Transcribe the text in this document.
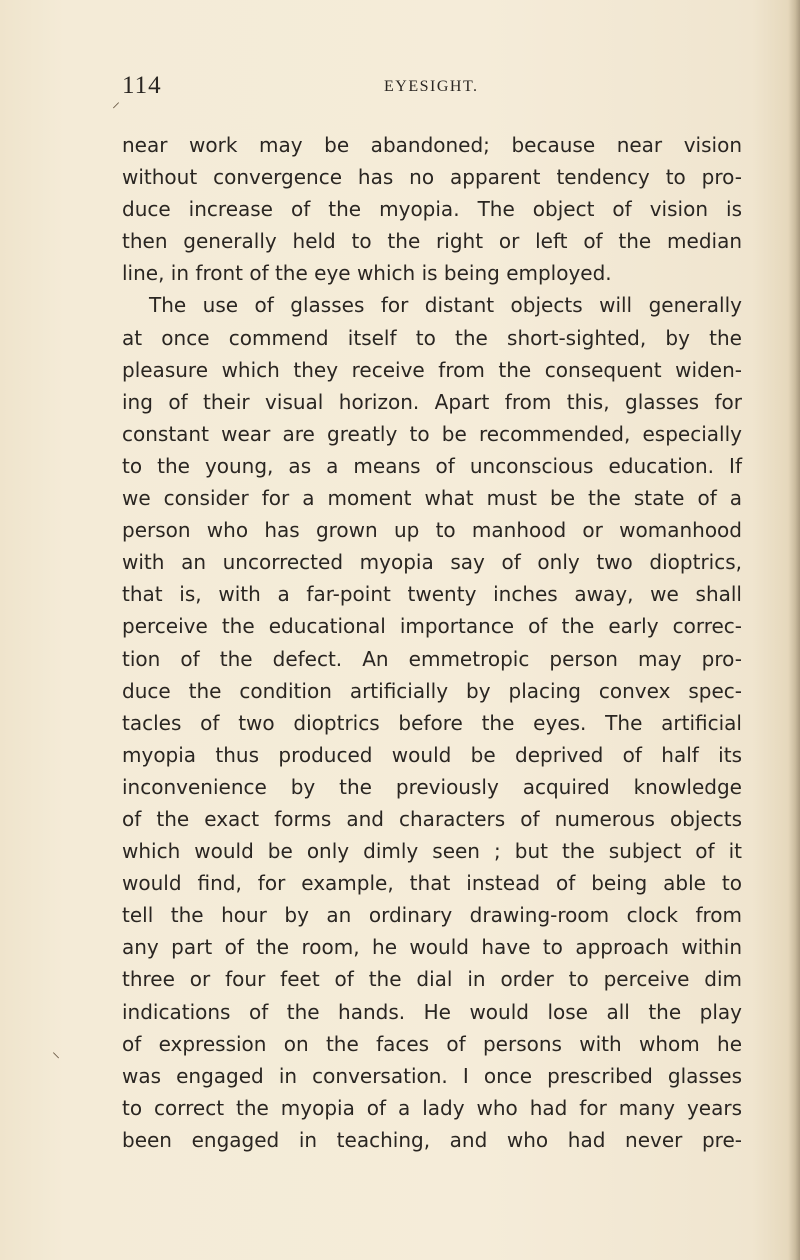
⸝
⸜
114	EYESIGHT.
near work may be abandoned; because near vision
without convergence has no apparent tendency to pro-
duce increase of the myopia. The object of vision is
then generally held to the right or left of the median
line, in front of the eye which is being employed.
The use of glasses for distant objects will generally
at once commend itself to the short-sighted, by the
pleasure which they receive from the consequent widen-
ing of their visual horizon. Apart from this, glasses for
constant wear are greatly to be recommended, especially
to the young, as a means of unconscious education. If
we consider for a moment what must be the state of a
person who has grown up to manhood or womanhood
with an uncorrected myopia say of only two dioptrics,
that is, with a far-point twenty inches away, we shall
perceive the educational importance of the early correc-
tion of the defect. An emmetropic person may pro-
duce the condition artificially by placing convex spec-
tacles of two dioptrics before the eyes. The artificial
myopia thus produced would be deprived of half its
inconvenience by the previously acquired knowledge
of the exact forms and characters of numerous objects
which would be only dimly seen ; but the subject of it
would find, for example, that instead of being able to
tell the hour by an ordinary drawing-room clock from
any part of the room, he would have to approach within
three or four feet of the dial in order to perceive dim
indications of the hands. He would lose all the play
of expression on the faces of persons with whom he
was engaged in conversation. I once prescribed glasses
to correct the myopia of a lady who had for many years
been engaged in teaching, and who had never pre-
